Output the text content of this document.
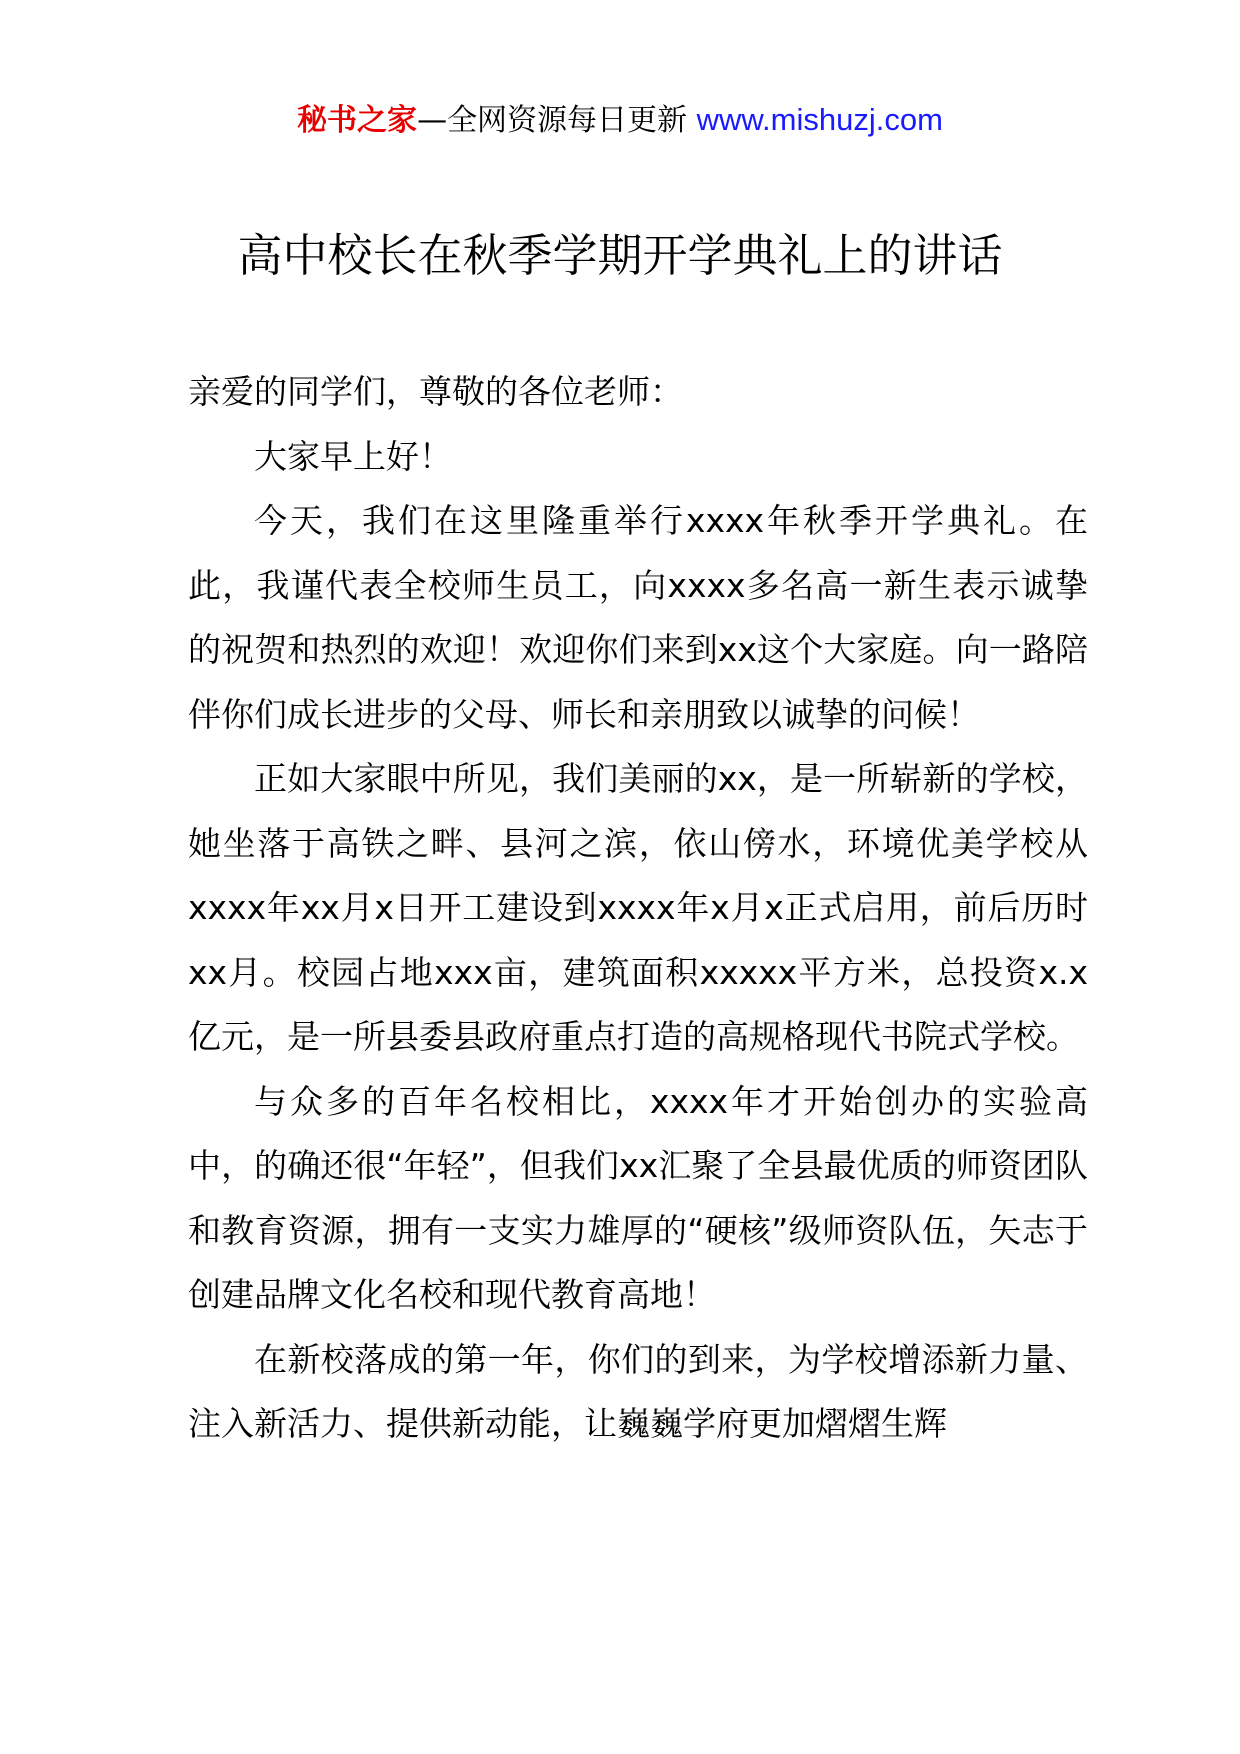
秘书之家—全网资源每日更新 www.mishuzj.com
高中校长在秋季学期开学典礼上的讲话

亲爱的同学们，尊敬的各位老师：

大家早上好！

今天，我们在这里隆重举行xxxx年秋季开学典礼。在此，我谨代表全校师生员工，向xxxx多名高一新生表示诚挚的祝贺和热烈的欢迎！欢迎你们来到xx这个大家庭。向一路陪伴你们成长进步的父母、师长和亲朋致以诚挚的问候！

正如大家眼中所见，我们美丽的xx，是一所崭新的学校，她坐落于高铁之畔、县河之滨，依山傍水，环境优美学校从xxxx年xx月x日开工建设到xxxx年x月x正式启用，前后历时xx月。校园占地xxx亩，建筑面积xxxxx平方米，总投资x.x亿元，是一所县委县政府重点打造的高规格现代书院式学校。

与众多的百年名校相比，xxxx年才开始创办的实验高中，的确还很“年轻”，但我们xx汇聚了全县最优质的师资团队和教育资源，拥有一支实力雄厚的“硬核”级师资队伍，矢志于创建品牌文化名校和现代教育高地！

在新校落成的第一年，你们的到来，为学校增添新力量、注入新活力、提供新动能，让巍巍学府更加熠熠生辉
